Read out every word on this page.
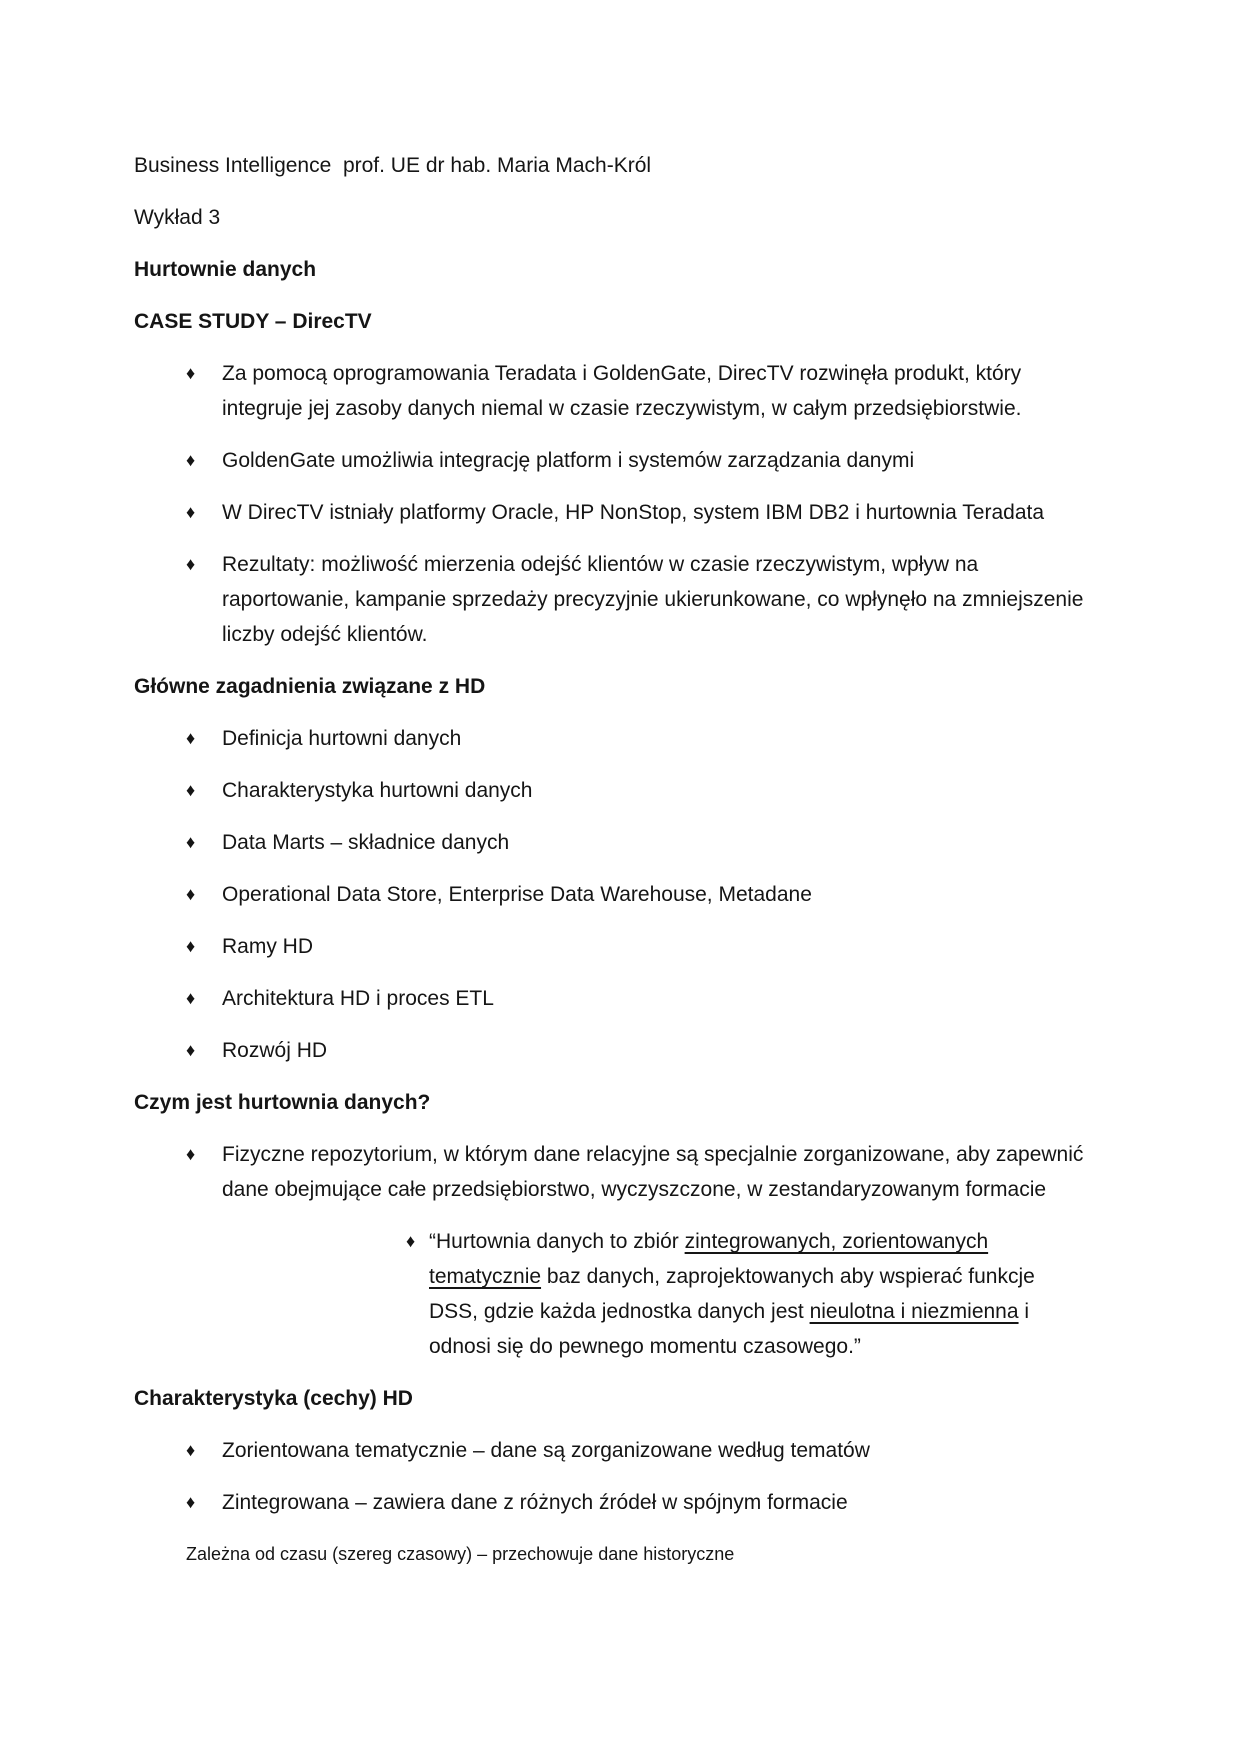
Business Intelligence  prof. UE dr hab. Maria Mach-Król
Wykład 3
Hurtownie danych
CASE STUDY – DirecTV
♦ Za pomocą oprogramowania Teradata i GoldenGate, DirecTV rozwinęła produkt, który
integruje jej zasoby danych niemal w czasie rzeczywistym, w całym przedsiębiorstwie.
♦ GoldenGate umożliwia integrację platform i systemów zarządzania danymi
♦ W DirecTV istniały platformy Oracle, HP NonStop, system IBM DB2 i hurtownia Teradata
♦ Rezultaty: możliwość mierzenia odejść klientów w czasie rzeczywistym, wpływ na
raportowanie, kampanie sprzedaży precyzyjnie ukierunkowane, co wpłynęło na zmniejszenie
liczby odejść klientów.
Główne zagadnienia związane z HD
♦ Definicja hurtowni danych
♦ Charakterystyka hurtowni danych
♦ Data Marts – składnice danych
♦ Operational Data Store, Enterprise Data Warehouse, Metadane
♦ Ramy HD
♦ Architektura HD i proces ETL
♦ Rozwój HD
Czym jest hurtownia danych?
♦ Fizyczne repozytorium, w którym dane relacyjne są specjalnie zorganizowane, aby zapewnić
dane obejmujące całe przedsiębiorstwo, wyczyszczone, w zestandaryzowanym formacie
♦ “Hurtownia danych to zbiór zintegrowanych, zorientowanych
tematycznie baz danych, zaprojektowanych aby wspierać funkcje
DSS, gdzie każda jednostka danych jest nieulotna i niezmienna i
odnosi się do pewnego momentu czasowego.”
Charakterystyka (cechy) HD
♦ Zorientowana tematycznie – dane są zorganizowane według tematów
♦ Zintegrowana – zawiera dane z różnych źródeł w spójnym formacie
Zależna od czasu (szereg czasowy) – przechowuje dane historyczne
